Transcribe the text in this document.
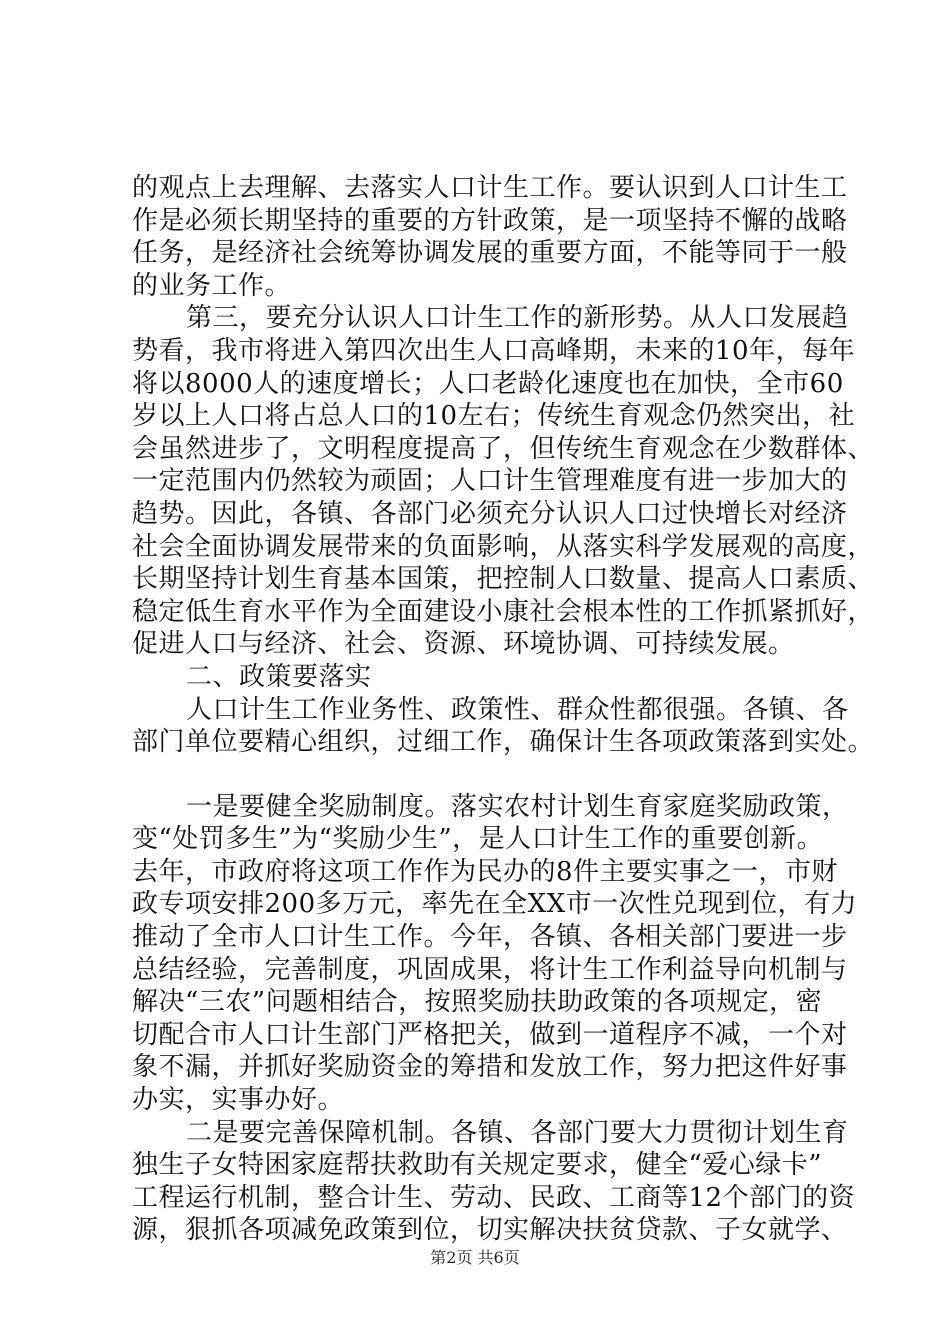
的观点上去理解、去落实人口计生工作。要认识到人口计生工
作是必须长期坚持的重要的方针政策，是一项坚持不懈的战略
任务，是经济社会统筹协调发展的重要方面，不能等同于一般
的业务工作。
第三，要充分认识人口计生工作的新形势。从人口发展趋
势看，我市将进入第四次出生人口高峰期，未来的10年，每年
将以8000人的速度增长；人口老龄化速度也在加快，全市60
岁以上人口将占总人口的10左右；传统生育观念仍然突出，社
会虽然进步了，文明程度提高了，但传统生育观念在少数群体、
一定范围内仍然较为顽固；人口计生管理难度有进一步加大的
趋势。因此，各镇、各部门必须充分认识人口过快增长对经济
社会全面协调发展带来的负面影响，从落实科学发展观的高度，
长期坚持计划生育基本国策，把控制人口数量、提高人口素质、
稳定低生育水平作为全面建设小康社会根本性的工作抓紧抓好，
促进人口与经济、社会、资源、环境协调、可持续发展。
二、政策要落实
人口计生工作业务性、政策性、群众性都很强。各镇、各
部门单位要精心组织，过细工作，确保计生各项政策落到实处。
一是要健全奖励制度。落实农村计划生育家庭奖励政策，
变“处罚多生”为“奖励少生”，是人口计生工作的重要创新。
去年，市政府将这项工作作为民办的8件主要实事之一，市财
政专项安排200多万元，率先在全XX市一次性兑现到位，有力
推动了全市人口计生工作。今年，各镇、各相关部门要进一步
总结经验，完善制度，巩固成果，将计生工作利益导向机制与
解决“三农”问题相结合，按照奖励扶助政策的各项规定，密
切配合市人口计生部门严格把关，做到一道程序不减，一个对
象不漏，并抓好奖励资金的筹措和发放工作，努力把这件好事
办实，实事办好。
二是要完善保障机制。各镇、各部门要大力贯彻计划生育
独生子女特困家庭帮扶救助有关规定要求，健全“爱心绿卡”
工程运行机制，整合计生、劳动、民政、工商等12个部门的资
源，狠抓各项减免政策到位，切实解决扶贫贷款、子女就学、
第2页 共6页
